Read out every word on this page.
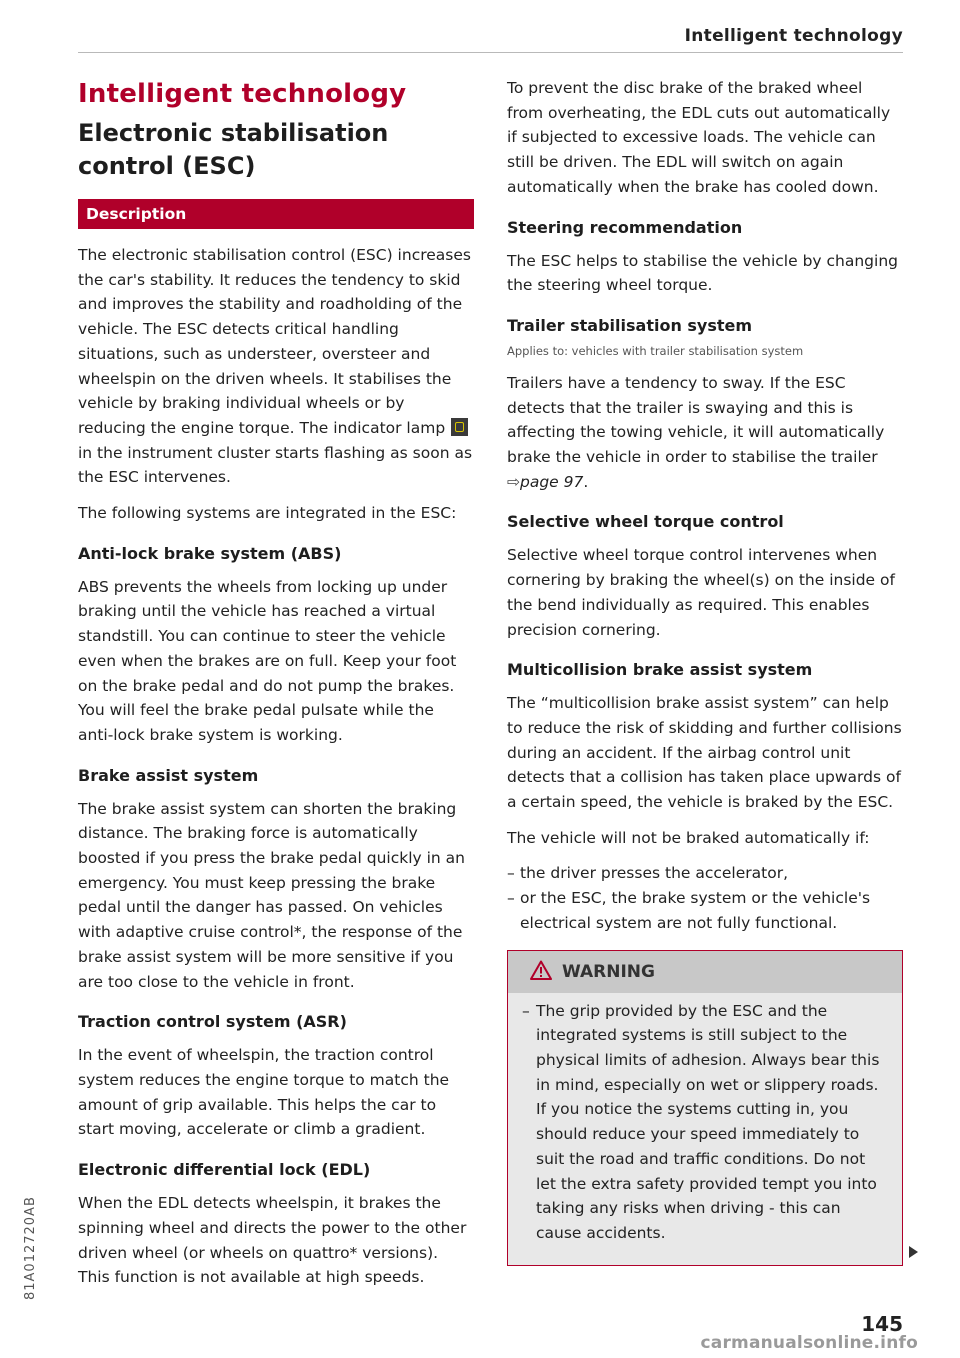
Intelligent technology
Intelligent technology
Electronic stabilisation
control (ESC)
Description

The electronic stabilisation control (ESC) increases the car's stability. It reduces the tendency to skid and improves the stability and roadholding of the vehicle. The ESC detects critical handling situations, such as understeer, oversteer and wheelspin on the driven wheels. It stabilises the vehicle by braking individual wheels or by reducing the engine torque. The indicator lamp  in the instrument cluster starts flashing as soon as the ESC intervenes.

The following systems are integrated in the ESC:

Anti-lock brake system (ABS)

ABS prevents the wheels from locking up under braking until the vehicle has reached a virtual standstill. You can continue to steer the vehicle even when the brakes are on full. Keep your foot on the brake pedal and do not pump the brakes. You will feel the brake pedal pulsate while the anti-lock brake system is working.

Brake assist system

The brake assist system can shorten the braking distance. The braking force is automatically boosted if you press the brake pedal quickly in an emergency. You must keep pressing the brake pedal until the danger has passed. On vehicles with adaptive cruise control*, the response of the brake assist system will be more sensitive if you are too close to the vehicle in front.

Traction control system (ASR)

In the event of wheelspin, the traction control system reduces the engine torque to match the amount of grip available. This helps the car to start moving, accelerate or climb a gradient.

Electronic differential lock (EDL)

When the EDL detects wheelspin, it brakes the spinning wheel and directs the power to the other driven wheel (or wheels on quattro* versions). This function is not available at high speeds.

To prevent the disc brake of the braked wheel from overheating, the EDL cuts out automatically if subjected to excessive loads. The vehicle can still be driven. The EDL will switch on again automatically when the brake has cooled down.

Steering recommendation

The ESC helps to stabilise the vehicle by changing the steering wheel torque.

Trailer stabilisation system
Applies to: vehicles with trailer stabilisation system

Trailers have a tendency to sway. If the ESC detects that the trailer is swaying and this is affecting the towing vehicle, it will automatically brake the vehicle in order to stabilise the trailer ⇨page 97.

Selective wheel torque control

Selective wheel torque control intervenes when cornering by braking the wheel(s) on the inside of the bend individually as required. This enables precision cornering.

Multicollision brake assist system

The “multicollision brake assist system” can help to reduce the risk of skidding and further collisions during an accident. If the airbag control unit detects that a collision has taken place upwards of a certain speed, the vehicle is braked by the ESC.

The vehicle will not be braked automatically if:

– the driver presses the accelerator,
– or the ESC, the brake system or the vehicle's electrical system are not fully functional.
WARNING
– The grip provided by the ESC and the integrated systems is still subject to the physical limits of adhesion. Always bear this in mind, especially on wet or slippery roads. If you notice the systems cutting in, you should reduce your speed immediately to suit the road and traffic conditions. Do not let the extra safety provided tempt you into taking any risks when driving - this can cause accidents.
81A012720AB
145
carmanualsonline.info
